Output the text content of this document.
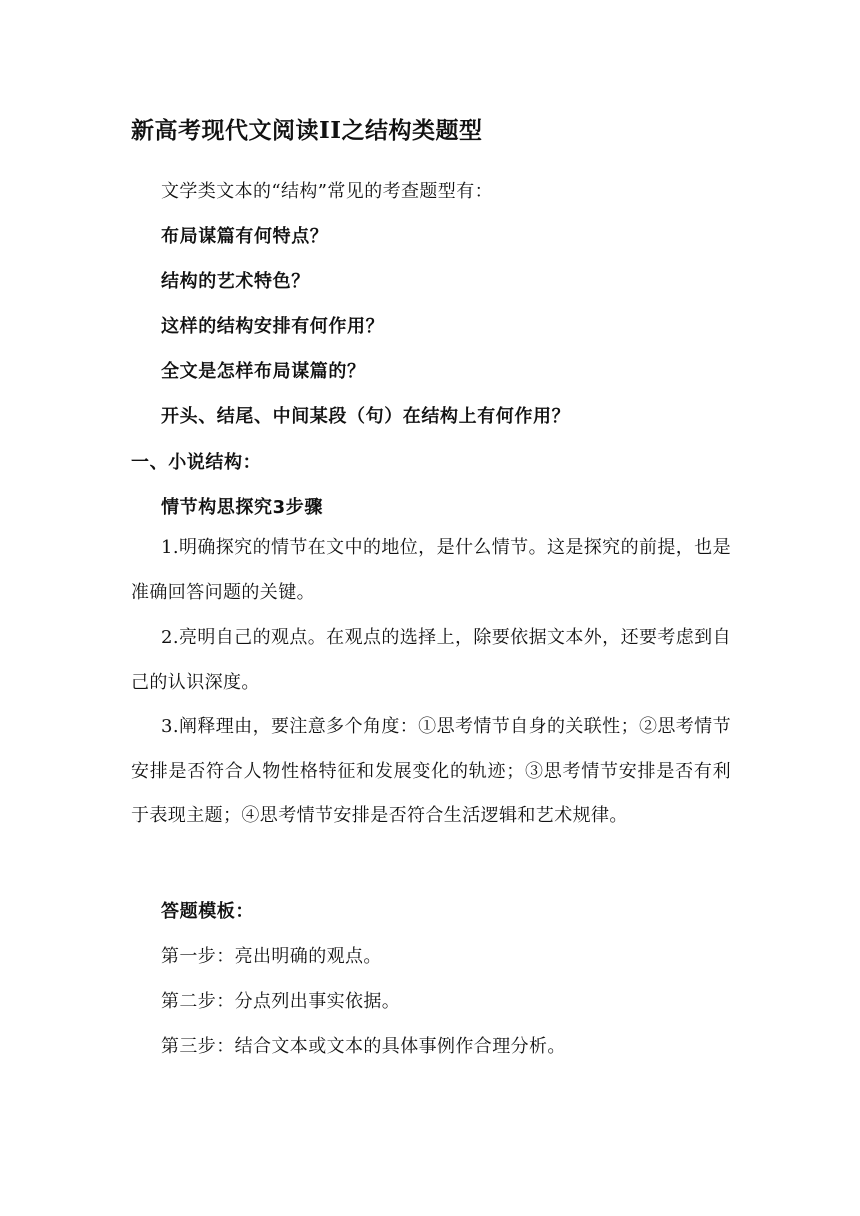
新高考现代文阅读II之结构类题型
文学类文本的“结构”常见的考查题型有：
布局谋篇有何特点？
结构的艺术特色？
这样的结构安排有何作用？
全文是怎样布局谋篇的？
开头、结尾、中间某段（句）在结构上有何作用？
一、小说结构：
情节构思探究3步骤
1.明确探究的情节在文中的地位，是什么情节。这是探究的前提，也是准确回答问题的关键。
2.亮明自己的观点。在观点的选择上，除要依据文本外，还要考虑到自己的认识深度。
3.阐释理由，要注意多个角度：①思考情节自身的关联性；②思考情节安排是否符合人物性格特征和发展变化的轨迹；③思考情节安排是否有利于表现主题；④思考情节安排是否符合生活逻辑和艺术规律。
答题模板：
第一步：亮出明确的观点。
第二步：分点列出事实依据。
第三步：结合文本或文本的具体事例作合理分析。
